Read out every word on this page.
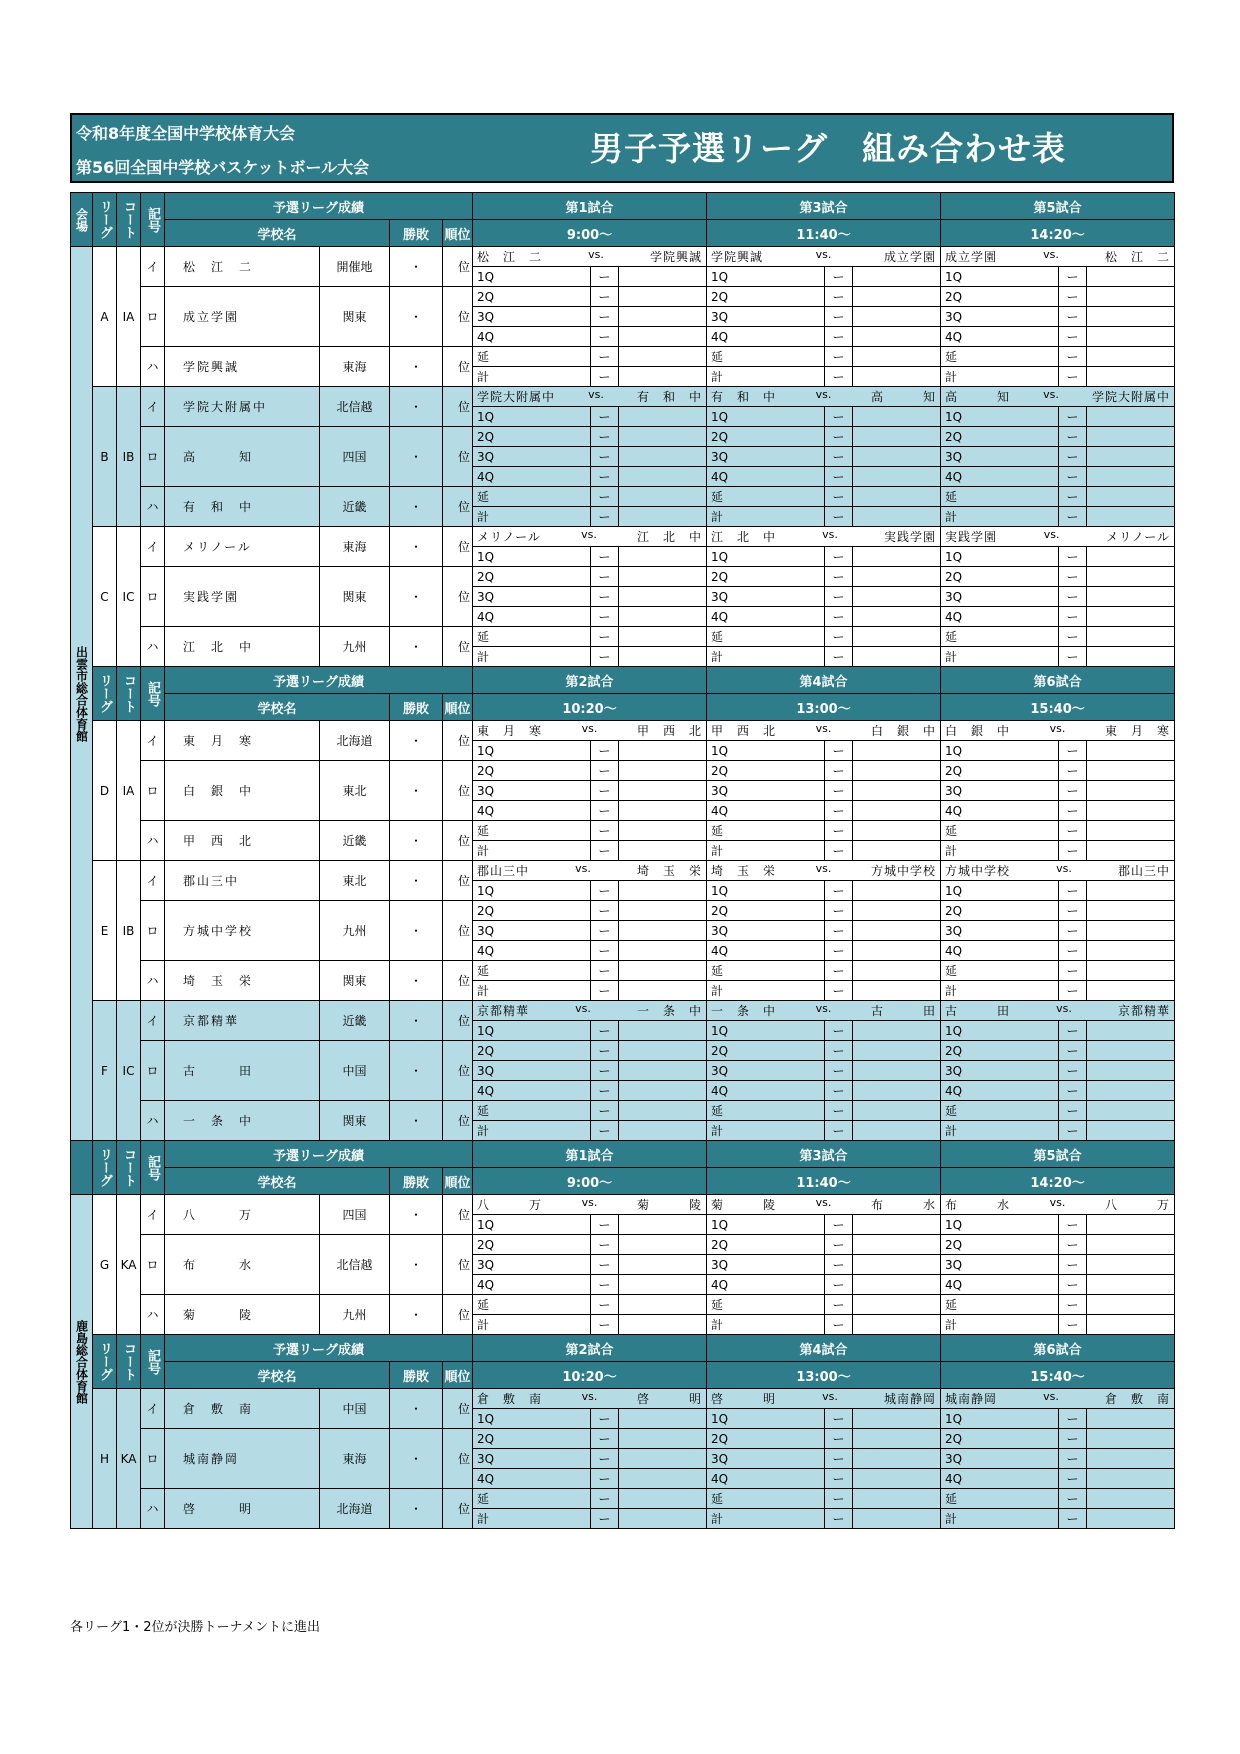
令和8年度全国中学校体育大会
第56回全国中学校バスケットボール大会	男子予選リーグ　組み合わせ表
会場	リーグ	コート	記号	予選リーグ成績				第1試合			第3試合			第5試合		
				学校名		勝敗	順位	9:00〜			11:40〜			14:20〜		
出雲市総合体育館	A	IA	イ	松　江　二	開催地	・	位	松　江　二 vs. 学院興誠			学院興誠 vs. 成立学園			成立学園 vs. 松　江　二		

								1Q	ー		1Q	ー		1Q	ー	
			ロ	成立学園	関東	・	位	2Q	ー		2Q	ー		2Q	ー	
								3Q	ー		3Q	ー		3Q	ー	
								4Q	ー		4Q	ー		4Q	ー	
			ハ	学院興誠	東海	・	位	延	ー		延	ー		延	ー	
								計	ー		計	ー		計	ー	
	B	IB	イ	学院大附属中	北信越	・	位	学院大附属中 vs. 有　和　中			有　和　中 vs. 高　　　知			高　　　知 vs. 学院大附属中		

								1Q	ー		1Q	ー		1Q	ー	
			ロ	高　　　知	四国	・	位	2Q	ー		2Q	ー		2Q	ー	
								3Q	ー		3Q	ー		3Q	ー	
								4Q	ー		4Q	ー		4Q	ー	
			ハ	有　和　中	近畿	・	位	延	ー		延	ー		延	ー	
								計	ー		計	ー		計	ー	
	C	IC	イ	メリノール	東海	・	位	メリノール vs. 江　北　中			江　北　中 vs. 実践学園			実践学園 vs. メリノール		

								1Q	ー		1Q	ー		1Q	ー	
			ロ	実践学園	関東	・	位	2Q	ー		2Q	ー		2Q	ー	
								3Q	ー		3Q	ー		3Q	ー	
								4Q	ー		4Q	ー		4Q	ー	
			ハ	江　北　中	九州	・	位	延	ー		延	ー		延	ー	
								計	ー		計	ー		計	ー	
	リーグ	コート	記号	予選リーグ成績				第2試合			第4試合			第6試合		
				学校名		勝敗	順位	10:20〜			13:00〜			15:40〜		
	D	IA	イ	東　月　寒	北海道	・	位	東　月　寒 vs. 甲　西　北			甲　西　北 vs. 白　銀　中			白　銀　中 vs. 東　月　寒		

								1Q	ー		1Q	ー		1Q	ー	
			ロ	白　銀　中	東北	・	位	2Q	ー		2Q	ー		2Q	ー	
								3Q	ー		3Q	ー		3Q	ー	
								4Q	ー		4Q	ー		4Q	ー	
			ハ	甲　西　北	近畿	・	位	延	ー		延	ー		延	ー	
								計	ー		計	ー		計	ー	
	E	IB	イ	郡山三中	東北	・	位	郡山三中 vs. 埼　玉　栄			埼　玉　栄 vs. 方城中学校			方城中学校 vs. 郡山三中		

								1Q	ー		1Q	ー		1Q	ー	
			ロ	方城中学校	九州	・	位	2Q	ー		2Q	ー		2Q	ー	
								3Q	ー		3Q	ー		3Q	ー	
								4Q	ー		4Q	ー		4Q	ー	
			ハ	埼　玉　栄	関東	・	位	延	ー		延	ー		延	ー	
								計	ー		計	ー		計	ー	
	F	IC	イ	京都精華	近畿	・	位	京都精華 vs. 一　条　中			一　条　中 vs. 古　　　田			古　　　田 vs. 京都精華		

								1Q	ー		1Q	ー		1Q	ー	
			ロ	古　　　田	中国	・	位	2Q	ー		2Q	ー		2Q	ー	
								3Q	ー		3Q	ー		3Q	ー	
								4Q	ー		4Q	ー		4Q	ー	
			ハ	一　条　中	関東	・	位	延	ー		延	ー		延	ー	
								計	ー		計	ー		計	ー	
	リーグ	コート	記号	予選リーグ成績				第1試合			第3試合			第5試合		
				学校名		勝敗	順位	9:00〜			11:40〜			14:20〜		
鹿島総合体育館	G	KA	イ	八　　　万	四国	・	位	八　　　万 vs. 菊　　　陵			菊　　　陵 vs. 布　　　水			布　　　水 vs. 八　　　万		

								1Q	ー		1Q	ー		1Q	ー	
			ロ	布　　　水	北信越	・	位	2Q	ー		2Q	ー		2Q	ー	
								3Q	ー		3Q	ー		3Q	ー	
								4Q	ー		4Q	ー		4Q	ー	
			ハ	菊　　　陵	九州	・	位	延	ー		延	ー		延	ー	
								計	ー		計	ー		計	ー	
	リーグ	コート	記号	予選リーグ成績				第2試合			第4試合			第6試合		
				学校名		勝敗	順位	10:20〜			13:00〜			15:40〜		
	H	KA	イ	倉　敷　南	中国	・	位	倉　敷　南 vs. 啓　　　明			啓　　　明 vs. 城南静岡			城南静岡 vs. 倉　敷　南		

								1Q	ー		1Q	ー		1Q	ー	
			ロ	城南静岡	東海	・	位	2Q	ー		2Q	ー		2Q	ー	
								3Q	ー		3Q	ー		3Q	ー	
								4Q	ー		4Q	ー		4Q	ー	
			ハ	啓　　　明	北海道	・	位	延	ー		延	ー		延	ー	
								計	ー		計	ー		計	ー	
各リーグ1・2位が決勝トーナメントに進出
